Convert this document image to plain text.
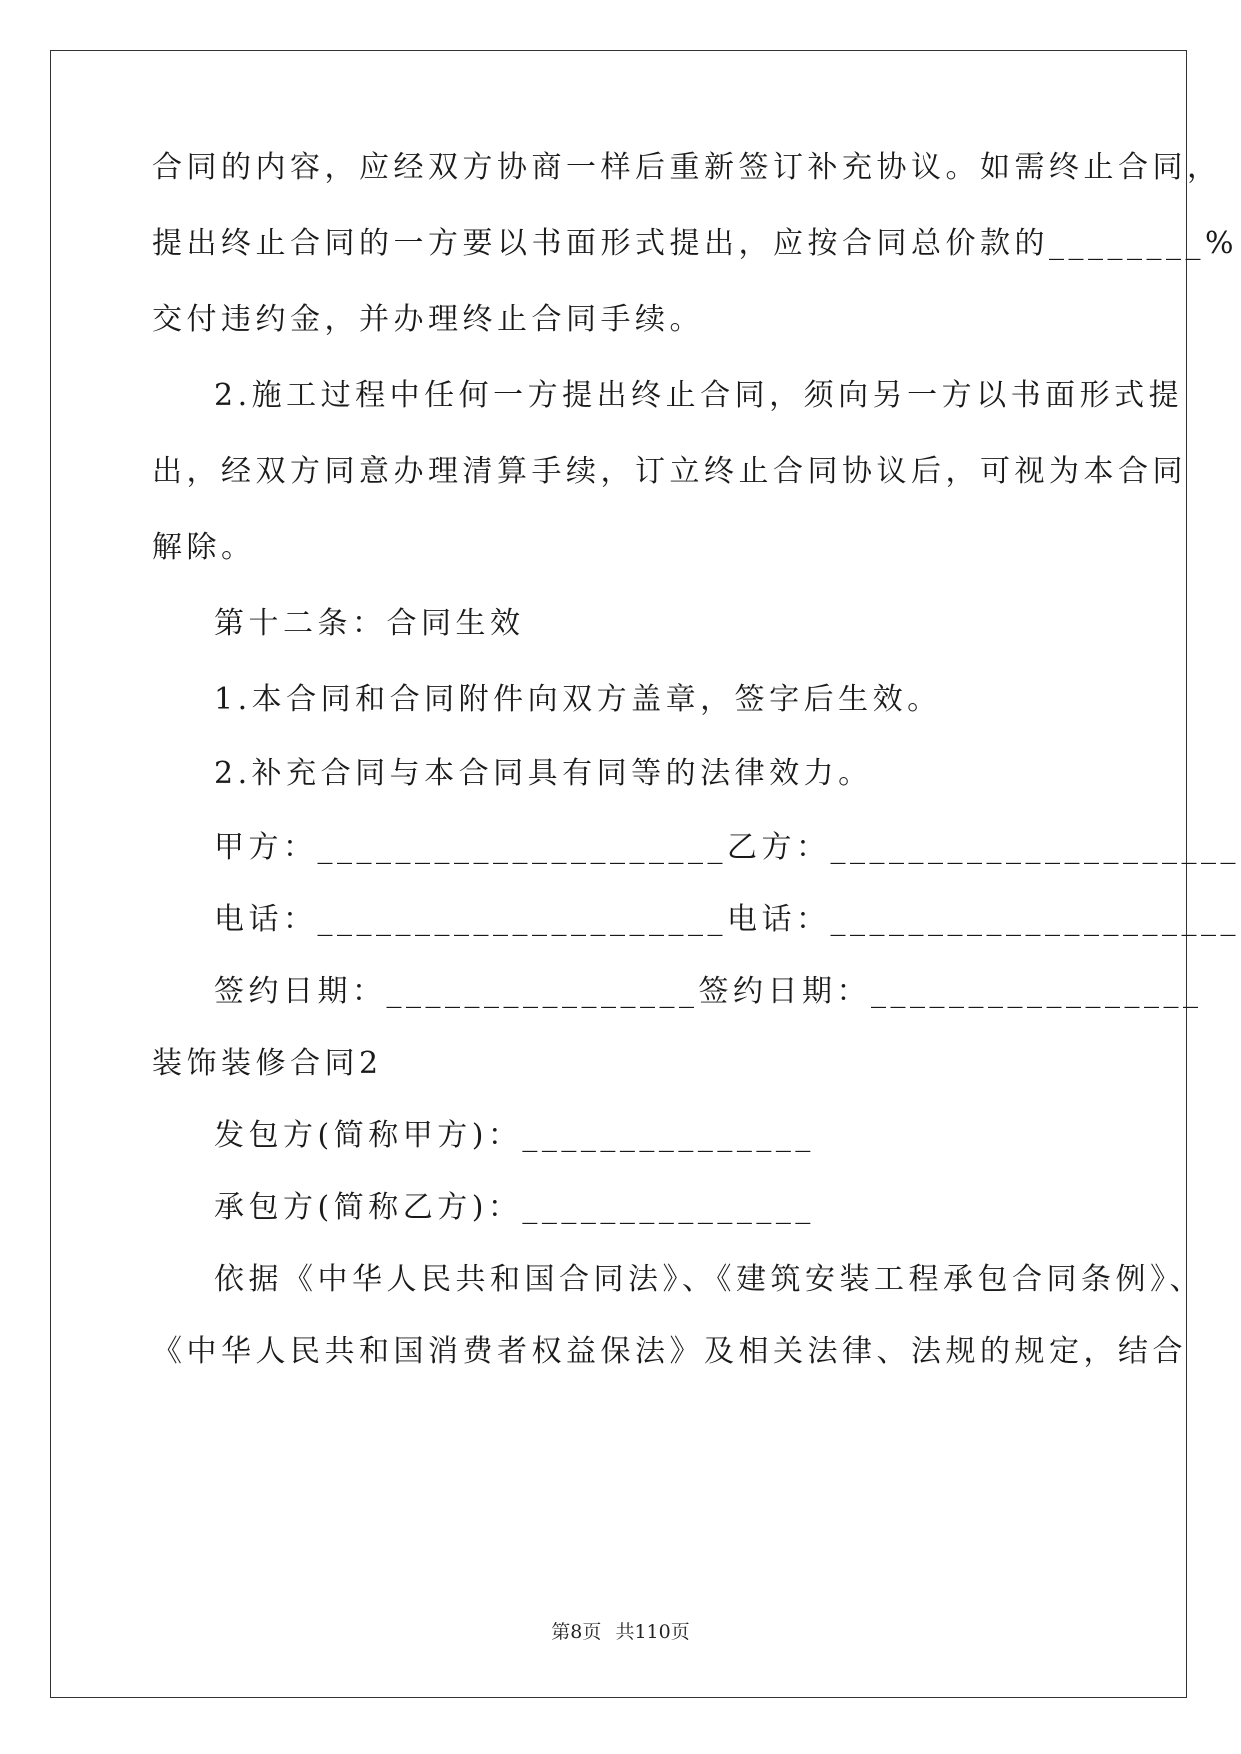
合同的内容，应经双方协商一样后重新签订补充协议。如需终止合同，
提出终止合同的一方要以书面形式提出，应按合同总价款的________%
交付违约金，并办理终止合同手续。
2.施工过程中任何一方提出终止合同，须向另一方以书面形式提
出，经双方同意办理清算手续，订立终止合同协议后，可视为本合同
解除。
第十二条：合同生效
1.本合同和合同附件向双方盖章，签字后生效。
2.补充合同与本合同具有同等的法律效力。
甲方：_____________________乙方：_____________________
电话：_____________________电话：_____________________
签约日期：________________签约日期：_________________
装饰装修合同2
发包方(简称甲方)：_______________
承包方(简称乙方)：_______________
依据《中华人民共和国合同法》、《建筑安装工程承包合同条例》、
《中华人民共和国消费者权益保法》及相关法律、法规的规定，结合
第8页 共110页
